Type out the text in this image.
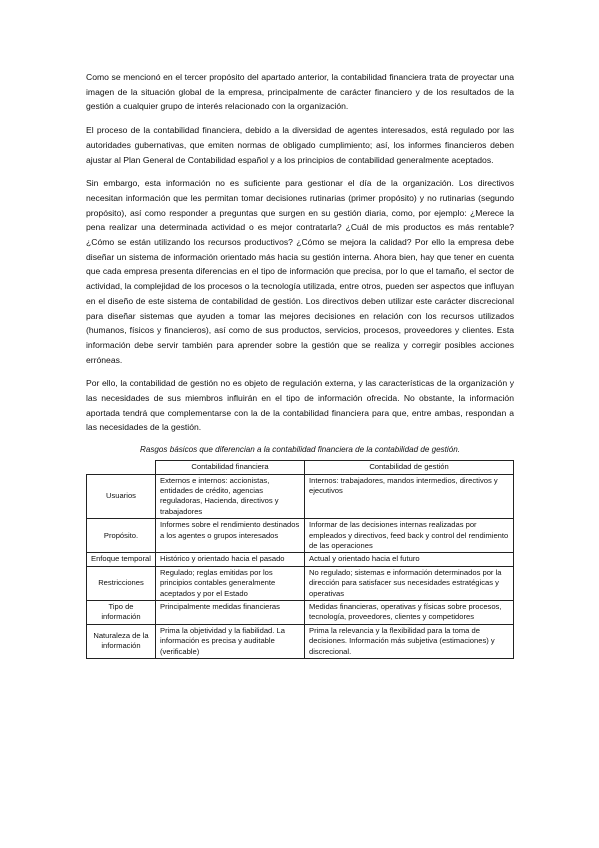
Como se mencionó en el tercer propósito del apartado anterior, la contabilidad financiera trata de proyectar una imagen de la situación global de la empresa, principalmente de carácter financiero y de los resultados de la gestión a cualquier grupo de interés relacionado con la organización.

El proceso de la contabilidad financiera, debido a la diversidad de agentes interesados, está regulado por las autoridades gubernativas, que emiten normas de obligado cumplimiento; así, los informes financieros deben ajustar al Plan General de Contabilidad español y a los principios de contabilidad generalmente aceptados.

Sin embargo, esta información no es suficiente para gestionar el día de la organización. Los directivos necesitan información que les permitan tomar decisiones rutinarias (primer propósito) y no rutinarias (segundo propósito), así como responder a preguntas que surgen en su gestión diaria, como, por ejemplo: ¿Merece la pena realizar una determinada actividad o es mejor contratarla? ¿Cuál de mis productos es más rentable? ¿Cómo se están utilizando los recursos productivos? ¿Cómo se mejora la calidad? Por ello la empresa debe diseñar un sistema de información orientado más hacia su gestión interna. Ahora bien, hay que tener en cuenta que cada empresa presenta diferencias en el tipo de información que precisa, por lo que el tamaño, el sector de actividad, la complejidad de los procesos o la tecnología utilizada, entre otros, pueden ser aspectos que influyan en el diseño de este sistema de contabilidad de gestión. Los directivos deben utilizar este carácter discrecional para diseñar sistemas que ayuden a tomar las mejores decisiones en relación con los recursos utilizados (humanos, físicos y financieros), así como de sus productos, servicios, procesos, proveedores y clientes. Esta información debe servir también para aprender sobre la gestión que se realiza y corregir posibles acciones erróneas.

Por ello, la contabilidad de gestión no es objeto de regulación externa, y las características de la organización y las necesidades de sus miembros influirán en el tipo de información ofrecida. No obstante, la información aportada tendrá que complementarse con la de la contabilidad financiera para que, entre ambas, respondan a las necesidades de la gestión.

Rasgos básicos que diferencian a la contabilidad financiera de la contabilidad de gestión.
	Contabilidad financiera	Contabilidad de gestión
Usuarios	Externos e internos: accionistas, entidades de crédito, agencias reguladoras, Hacienda, directivos y trabajadores	Internos: trabajadores, mandos intermedios, directivos y ejecutivos
Propósito.	Informes sobre el rendimiento destinados a los agentes o grupos interesados	Informar de las decisiones internas realizadas por empleados y directivos, feed back y control del rendimiento de las operaciones
Enfoque temporal	Histórico y orientado hacia el pasado	Actual y orientado hacia el futuro
Restricciones	Regulado; reglas emitidas por los principios contables generalmente aceptados y por el Estado	No regulado; sistemas e información determinados por la dirección para satisfacer sus necesidades estratégicas y operativas
Tipo de información	Principalmente medidas financieras	Medidas financieras, operativas y físicas sobre procesos, tecnología, proveedores, clientes y competidores
Naturaleza de la información	Prima la objetividad y la fiabilidad. La información es precisa y auditable (verificable)	Prima la relevancia y la flexibilidad para la toma de decisiones. Información más subjetiva (estimaciones) y discrecional.
